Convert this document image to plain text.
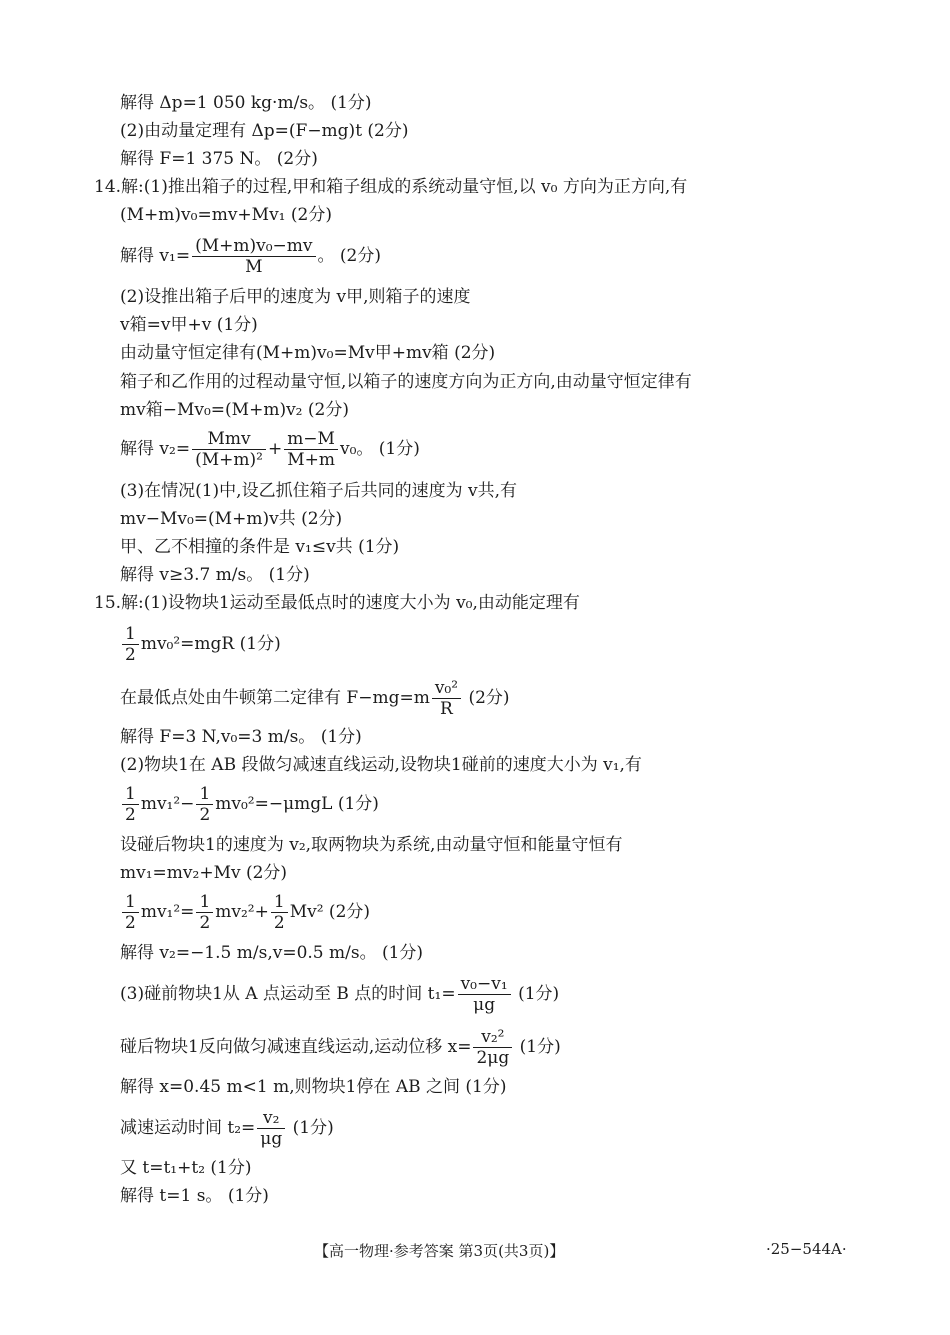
解得 Δp=1 050 kg·m/s。 (1分)
(2)由动量定理有 Δp=(F−mg)t (2分)
解得 F=1 375 N。 (2分)
14.解:(1)推出箱子的过程,甲和箱子组成的系统动量守恒,以 v₀ 方向为正方向,有
(M+m)v₀=mv+Mv₁ (2分)
解得 $v_1= \frac{\text{(M+m)v₀−mv}}{M}$ 。 (2分)
(2)设推出箱子后甲的速度为 v甲,则箱子的速度
v箱=v甲+v (1分)
由动量守恒定律有(M+m)v₀=Mv甲+mv箱 (2分)
箱子和乙作用的过程动量守恒,以箱子的速度方向为正方向,由动量守恒定律有
mv箱−Mv₀=(M+m)v₂ (2分)
解得 $v_2= \frac{\text{Mmv}}{\text{(M+m)²}} + \frac{m-M}{M+m} v_0$。 (1分)
(3)在情况(1)中,设乙抓住箱子后共同的速度为 v共,有
mv−Mv₀=(M+m)v共 (2分)
甲、乙不相撞的条件是 v₁≤v共 (1分)
解得 v≥3.7 m/s。 (1分)
15.解:(1)设物块1运动至最低点时的速度大小为 v₀,由动能定理有
$\frac{1}{2} mv_0^2=mgR$ (1分)
在最低点处由牛顿第二定律有 $F-mg=m \frac{\text{v₀²}}{R} (2$分)
解得 F=3 N,v₀=3 m/s。 (1分)
(2)物块1在 AB 段做匀减速直线运动,设物块1碰前的速度大小为 v₁,有
$\frac{1}{2} mv_1^2- \frac{1}{2} mv_0^2=-\mu mgL$ (1分)
设碰后物块1的速度为 v₂,取两物块为系统,由动量守恒和能量守恒有
mv₁=mv₂+Mv (2分)
$\frac{1}{2} mv_1^2= \frac{1}{2} mv_2^2+ \frac{1}{2} Mv^2$ (2分)
解得 v₂=−1.5 m/s,v=0.5 m/s。 (1分)
(3)碰前物块1从 A 点运动至 B 点的时间 $t_1= \frac{\text{v₀−v₁}}{\mu g} (1$分)
碰后物块1反向做匀减速直线运动,运动位移 $x= \frac{\text{v₂²}}{2\mu g} (1$分)
解得 x=0.45 m<1 m,则物块1停在 AB 之间 (1分)
减速运动时间 $t_2= \frac{\text{v₂}}{\mu g} (1$分)
又 t=t₁+t₂ (1分)
解得 t=1 s。 (1分)
【高一物理·参考答案 第3页(共3页)】	·25−544A·
